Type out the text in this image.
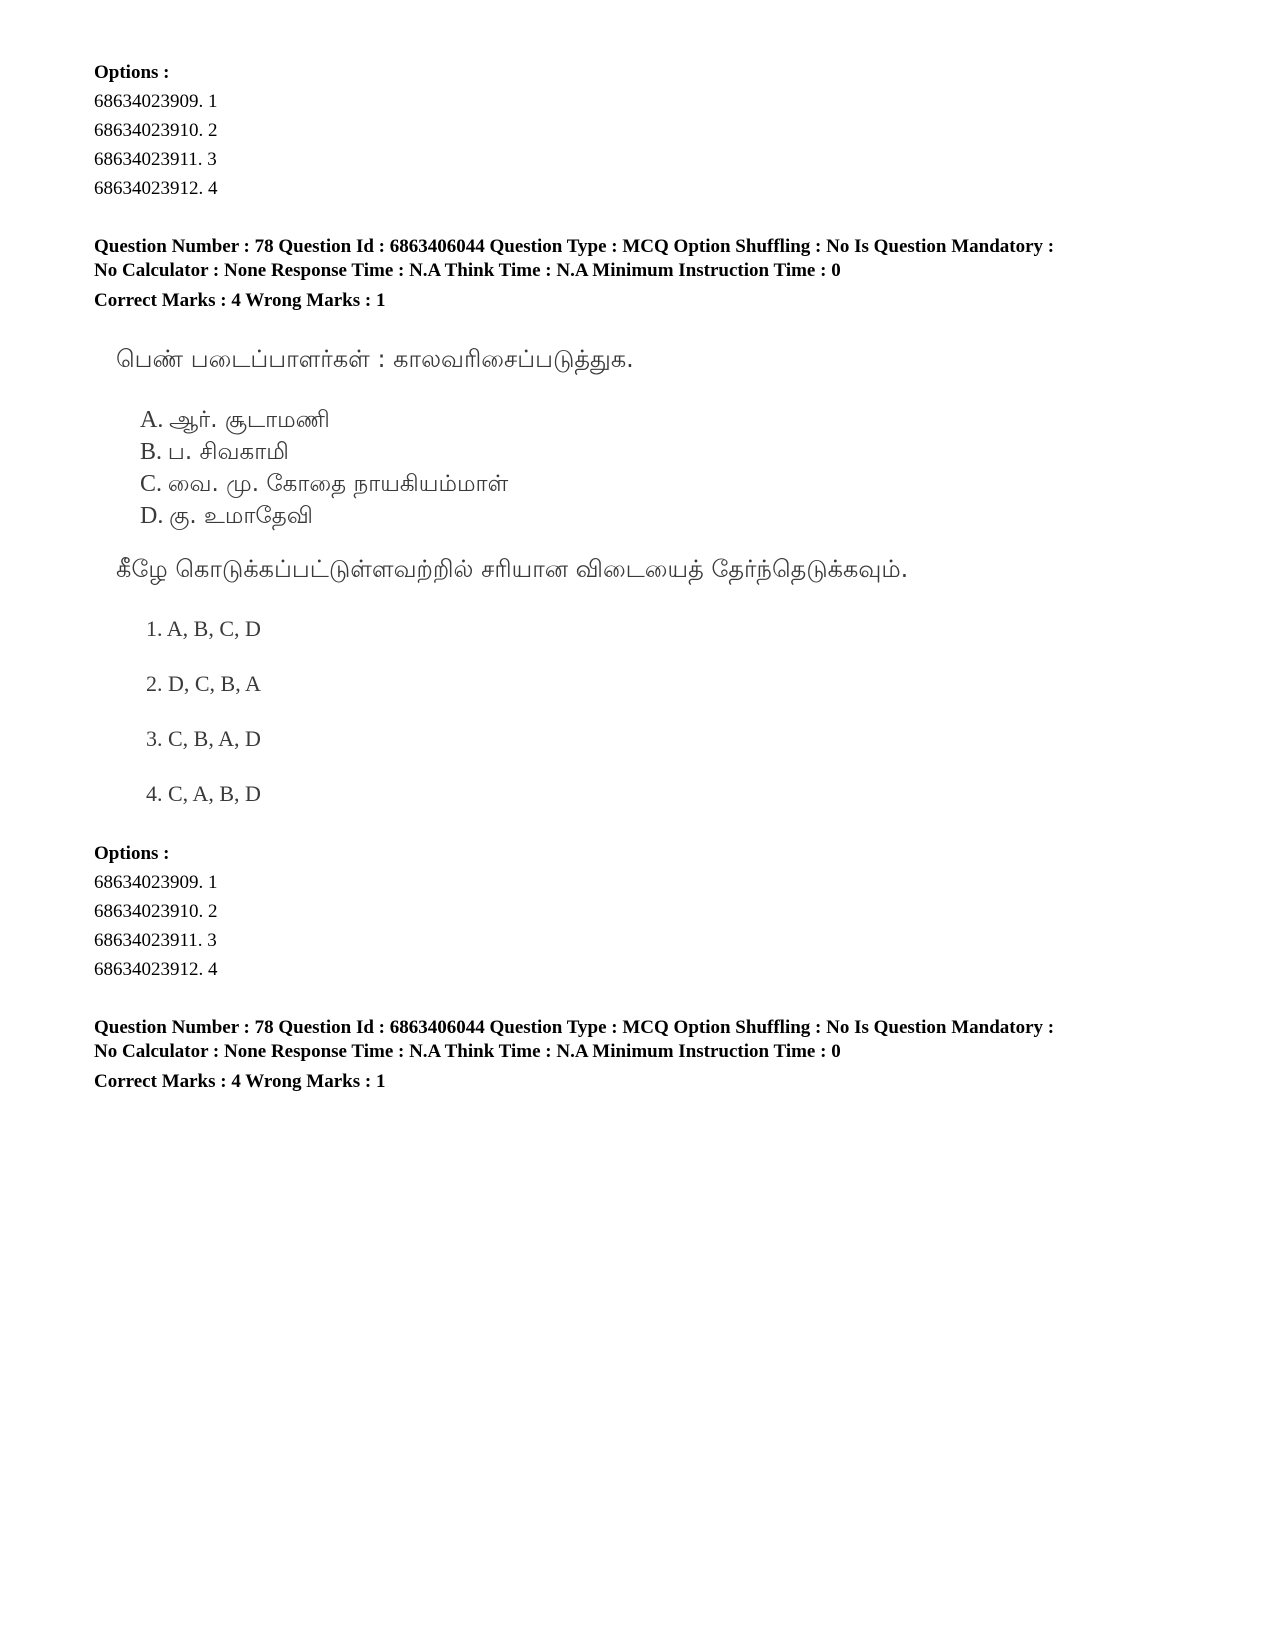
Options :
68634023909. 1
68634023910. 2
68634023911. 3
68634023912. 4
Question Number : 78 Question Id : 6863406044 Question Type : MCQ Option Shuffling : No Is Question Mandatory :
No Calculator : None Response Time : N.A Think Time : N.A Minimum Instruction Time : 0
Correct Marks : 4 Wrong Marks : 1
பெண் படைப்பாளர்கள் : காலவரிசைப்படுத்துக.
A. ஆர். சூடாமணி
B. ப. சிவகாமி
C. வை. மு. கோதை நாயகியம்மாள்
D. கு. உமாதேவி
கீழே கொடுக்கப்பட்டுள்ளவற்றில் சரியான விடையைத் தேர்ந்தெடுக்கவும்.
1. A, B, C, D
2. D, C, B, A
3. C, B, A, D
4. C, A, B, D
Options :
68634023909. 1
68634023910. 2
68634023911. 3
68634023912. 4
Question Number : 78 Question Id : 6863406044 Question Type : MCQ Option Shuffling : No Is Question Mandatory :
No Calculator : None Response Time : N.A Think Time : N.A Minimum Instruction Time : 0
Correct Marks : 4 Wrong Marks : 1
